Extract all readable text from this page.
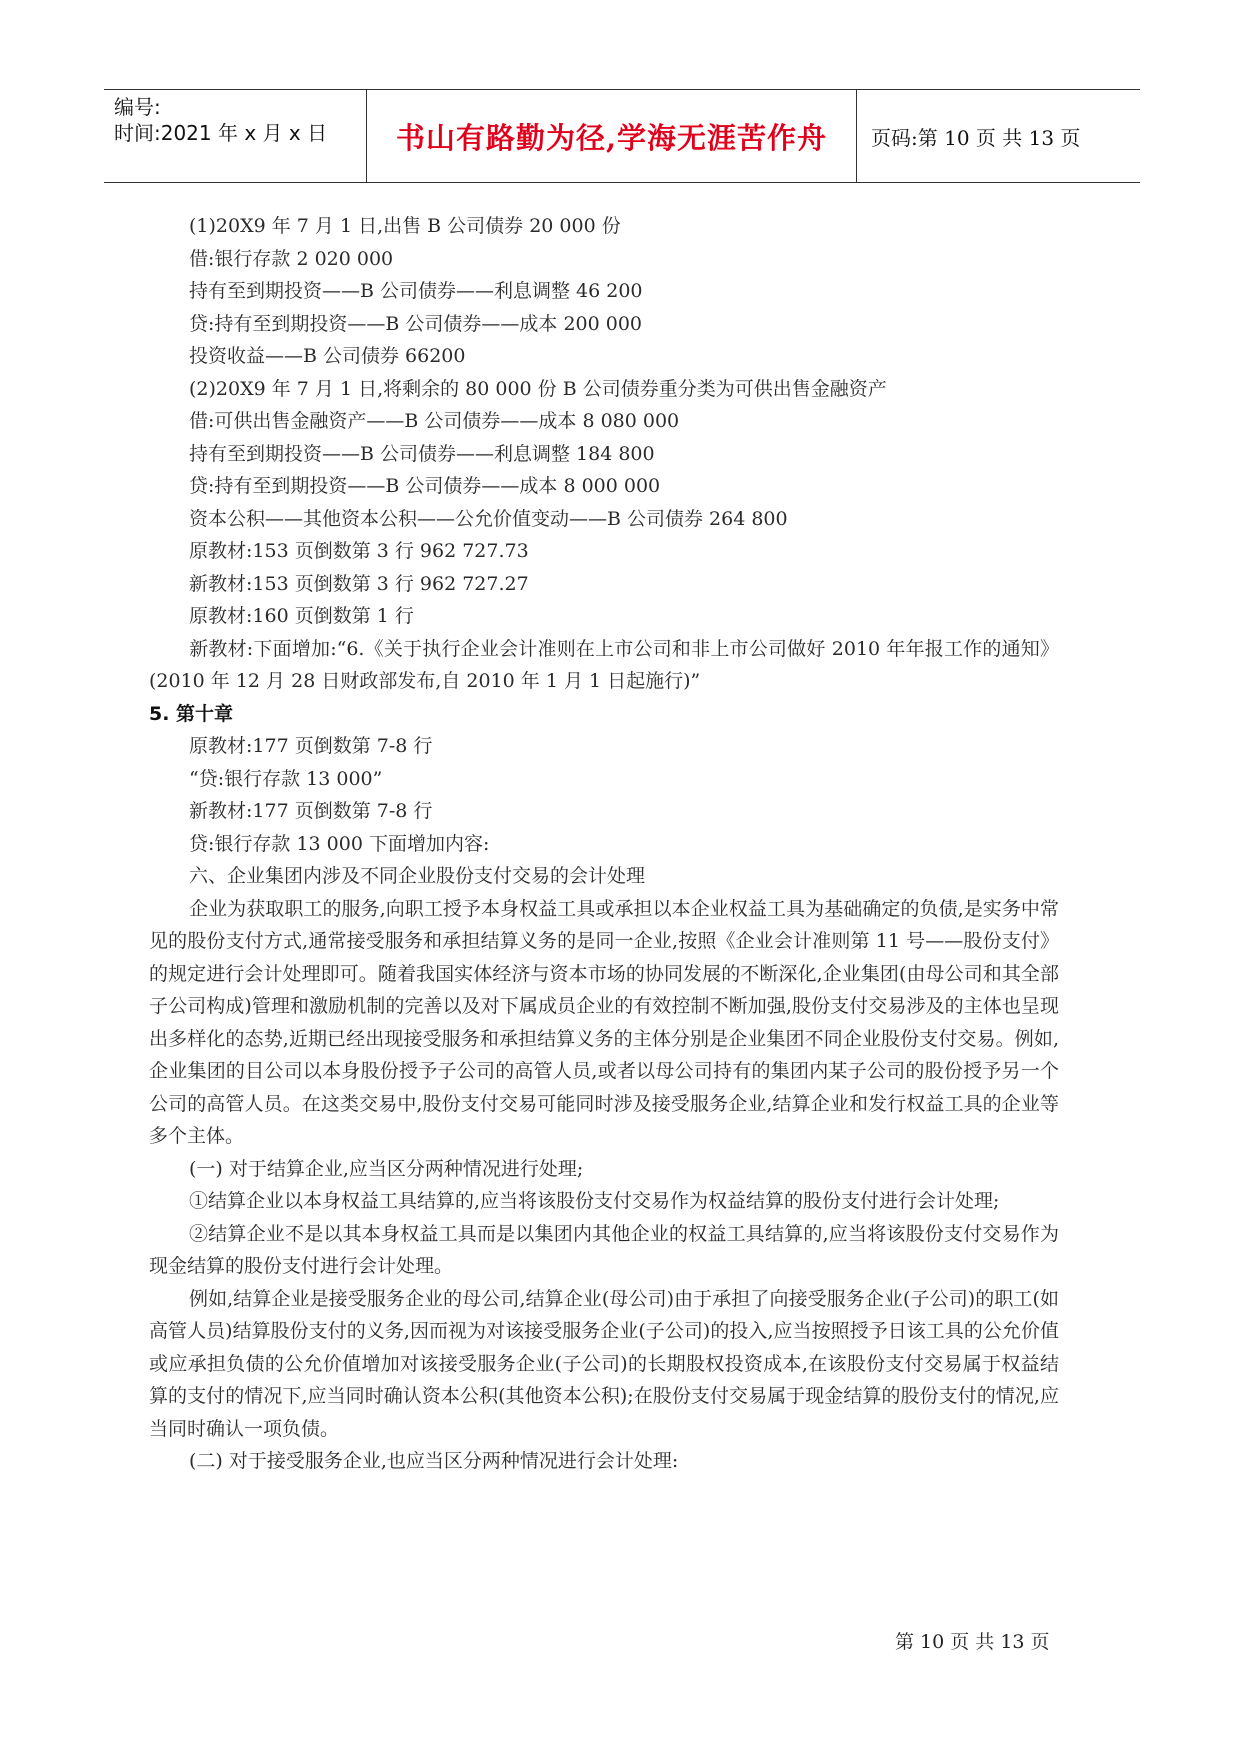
编号:
时间:2021 年 x 月 x 日	书山有路勤为径,学海无涯苦作舟	页码:第 10 页 共 13 页

(1)20X9 年 7 月 1 日,出售 B 公司债券 20 000 份

借:银行存款 2 020 000

持有至到期投资——B 公司债券——利息调整 46 200

贷:持有至到期投资——B 公司债券——成本 200 000

投资收益——B 公司债券 66200

(2)20X9 年 7 月 1 日,将剩余的 80 000 份 B 公司债券重分类为可供出售金融资产

借:可供出售金融资产——B 公司债券——成本 8 080 000

持有至到期投资——B 公司债券——利息调整 184 800

贷:持有至到期投资——B 公司债券——成本 8 000 000

资本公积——其他资本公积——公允价值变动——B 公司债券 264 800

原教材:153 页倒数第 3 行 962 727.73

新教材:153 页倒数第 3 行 962 727.27

原教材:160 页倒数第 1 行

新教材:下面增加:“6.《关于执行企业会计准则在上市公司和非上市公司做好 2010 年年报工作的通知》(2010 年 12 月 28 日财政部发布,自 2010 年 1 月 1 日起施行)”

5. 第十章

原教材:177 页倒数第 7-8 行

“贷:银行存款 13 000”

新教材:177 页倒数第 7-8 行

贷:银行存款 13 000 下面增加内容:

六、企业集团内涉及不同企业股份支付交易的会计处理

企业为获取职工的服务,向职工授予本身权益工具或承担以本企业权益工具为基础确定的负债,是实务中常见的股份支付方式,通常接受服务和承担结算义务的是同一企业,按照《企业会计准则第 11 号——股份支付》的规定进行会计处理即可。随着我国实体经济与资本市场的协同发展的不断深化,企业集团(由母公司和其全部子公司构成)管理和激励机制的完善以及对下属成员企业的有效控制不断加强,股份支付交易涉及的主体也呈现出多样化的态势,近期已经出现接受服务和承担结算义务的主体分别是企业集团不同企业股份支付交易。例如,企业集团的目公司以本身股份授予子公司的高管人员,或者以母公司持有的集团内某子公司的股份授予另一个公司的高管人员。在这类交易中,股份支付交易可能同时涉及接受服务企业,结算企业和发行权益工具的企业等多个主体。

(一) 对于结算企业,应当区分两种情况进行处理;

①结算企业以本身权益工具结算的,应当将该股份支付交易作为权益结算的股份支付进行会计处理;

②结算企业不是以其本身权益工具而是以集团内其他企业的权益工具结算的,应当将该股份支付交易作为现金结算的股份支付进行会计处理。

例如,结算企业是接受服务企业的母公司,结算企业(母公司)由于承担了向接受服务企业(子公司)的职工(如高管人员)结算股份支付的义务,因而视为对该接受服务企业(子公司)的投入,应当按照授予日该工具的公允价值或应承担负债的公允价值增加对该接受服务企业(子公司)的长期股权投资成本,在该股份支付交易属于权益结算的支付的情况下,应当同时确认资本公积(其他资本公积);在股份支付交易属于现金结算的股份支付的情况,应当同时确认一项负债。

(二) 对于接受服务企业,也应当区分两种情况进行会计处理:

第 10 页 共 13 页
